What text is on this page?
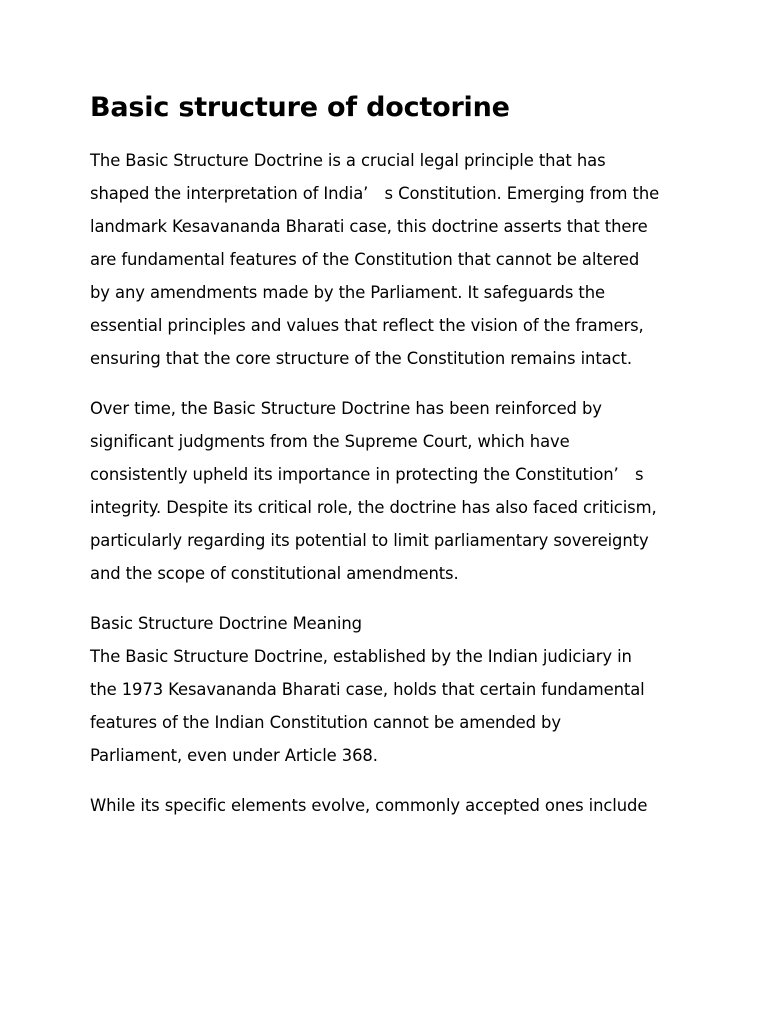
Basic structure of doctorine

The Basic Structure Doctrine is a crucial legal principle that has
shaped the interpretation of India’　s Constitution. Emerging from the
landmark Kesavananda Bharati case, this doctrine asserts that there
are fundamental features of the Constitution that cannot be altered
by any amendments made by the Parliament. It safeguards the
essential principles and values that reflect the vision of the framers,
ensuring that the core structure of the Constitution remains intact.

Over time, the Basic Structure Doctrine has been reinforced by
significant judgments from the Supreme Court, which have
consistently upheld its importance in protecting the Constitution’　s
integrity. Despite its critical role, the doctrine has also faced criticism,
particularly regarding its potential to limit parliamentary sovereignty
and the scope of constitutional amendments.

Basic Structure Doctrine Meaning
The Basic Structure Doctrine, established by the Indian judiciary in
the 1973 Kesavananda Bharati case, holds that certain fundamental
features of the Indian Constitution cannot be amended by
Parliament, even under Article 368.

While its specific elements evolve, commonly accepted ones include
